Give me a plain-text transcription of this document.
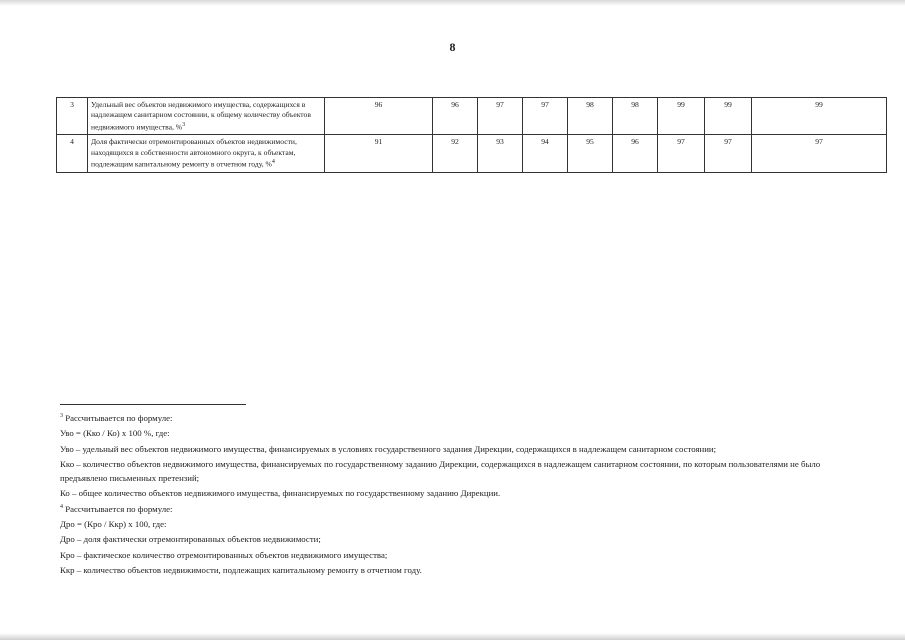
8
3	Удельный вес объектов недвижимого имущества, содержащихся в надлежащем санитарном состоянии, к общему количеству объектов недвижимого имущества, %$^3$	96	96	97	97	98	98	99	99	99
4	Доля фактически отремонтированных объектов недвижимости, находящихся в собственности автономного округа, к объектам, подлежащим капитальному ремонту в отчетном году, %$^4$	91	92	93	94	95	96	97	97	97

$^3$ Рассчитывается по формуле:

Уво = (Кко / Ко) x 100 %, где:

Уво – удельный вес объектов недвижимого имущества, финансируемых в условиях государственного задания Дирекции, содержащихся в надлежащем санитарном состоянии;

Кко – количество объектов недвижимого имущества, финансируемых по государственному заданию Дирекции, содержащихся в надлежащем санитарном состоянии, по которым пользователями не было предъявлено письменных претензий;

Ко – общее количество объектов недвижимого имущества, финансируемых по государственному заданию Дирекции.

$^4$ Рассчитывается по формуле:

Дро = (Кро / Ккр) x 100, где:

Дро – доля фактически отремонтированных объектов недвижимости;

Кро – фактическое количество отремонтированных объектов недвижимого имущества;

Ккр – количество объектов недвижимости, подлежащих капитальному ремонту в отчетном году.
